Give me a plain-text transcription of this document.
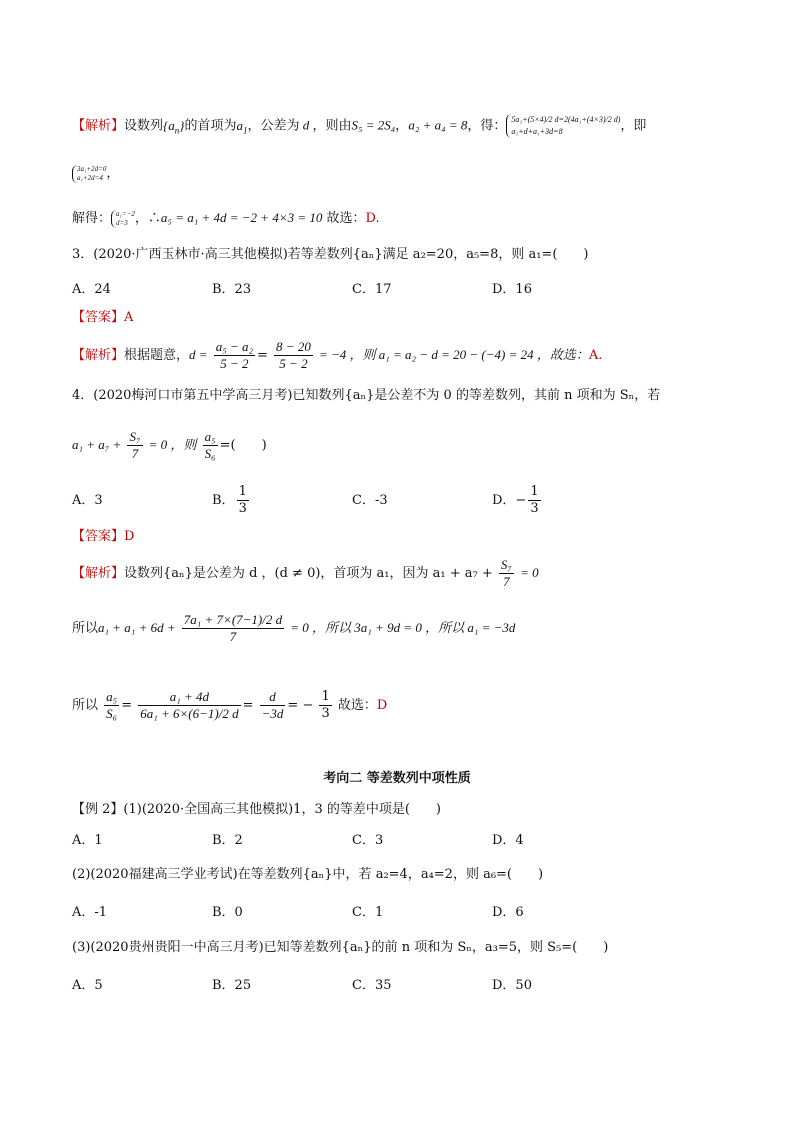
【解析】设数列$\{a_n\}$的首项为$a_1$，公差为 d ，则由S₅ = 2S₄，a₂ + a₄ = 8，得： 5a₁+(5×4)/2 d=2(4a₁+(4×3)/2 d)
a₁+d+a₁+3d=8	，即
3a₁+2d=0
a₁+2d=4 ，
解得： a₁=−2
d=3 ，∴a₅ = a₁ + 4d = −2 + 4×3 = 10 故选：D.
3．(2020·广西玉林市·高三其他模拟)若等差数列{aₙ}满足 a₂=20，a₅=8，则 a₁=(　　)
A．24	B．23	C．17	D．16
【答案】A
【解析】根据题意，$d = \frac{\text{a₅ − a₂}}{5 - 2} = \frac{8 - 20}{5 - 2} = -4$ ，则 a₁ = a₂ − d = 20 − (−4) = 24 ，故选：A.
4．(2020梅河口市第五中学高三月考)已知数列{aₙ}是公差不为 0 的等差数列，其前 n 项和为 Sₙ，若
$a_1 + a_7 + \frac{\text{S₇}}{7} = 0$ ，则 $\frac{\text{a₅}}{\text{S₆}}$ =(　　)
A．3	B． $\frac{1}{3}$	C．-3	D．− $\frac{1}{3}$
【答案】D
【解析】设数列{aₙ}是公差为 d ，(d ≠ 0)，首项为 a₁，因为 $a_1 + a_7 + \frac{\text{S₇}}{7} = 0$
所以$a_1 + a_1 + 6d + \frac{\text{7a₁ + 7×(7−1)/2 d}}{7} = 0$ ，所以 3a₁ + 9d = 0 ，所以 a₁ = −3d
所以 $\frac{\text{a₅}}{\text{S₆}} = \frac{\text{a₁ + 4d}}{\text{6a₁ + 6×(6−1)/2 d}} = \frac{d}{-3d}$ = − $\frac{1}{3}$ 故选：D
考向二 等差数列中项性质
【例 2】(1)(2020·全国高三其他模拟)1，3 的等差中项是(　　)
A．1	B．2	C．3	D．4
(2)(2020福建高三学业考试)在等差数列{aₙ}中，若 a₂=4，a₄=2，则 a₆=(　　)
A．-1	B．0	C．1	D．6
(3)(2020贵州贵阳一中高三月考)已知等差数列{aₙ}的前 n 项和为 Sₙ，a₃=5，则 S₅=(　　)
A．5	B．25	C．35	D．50
